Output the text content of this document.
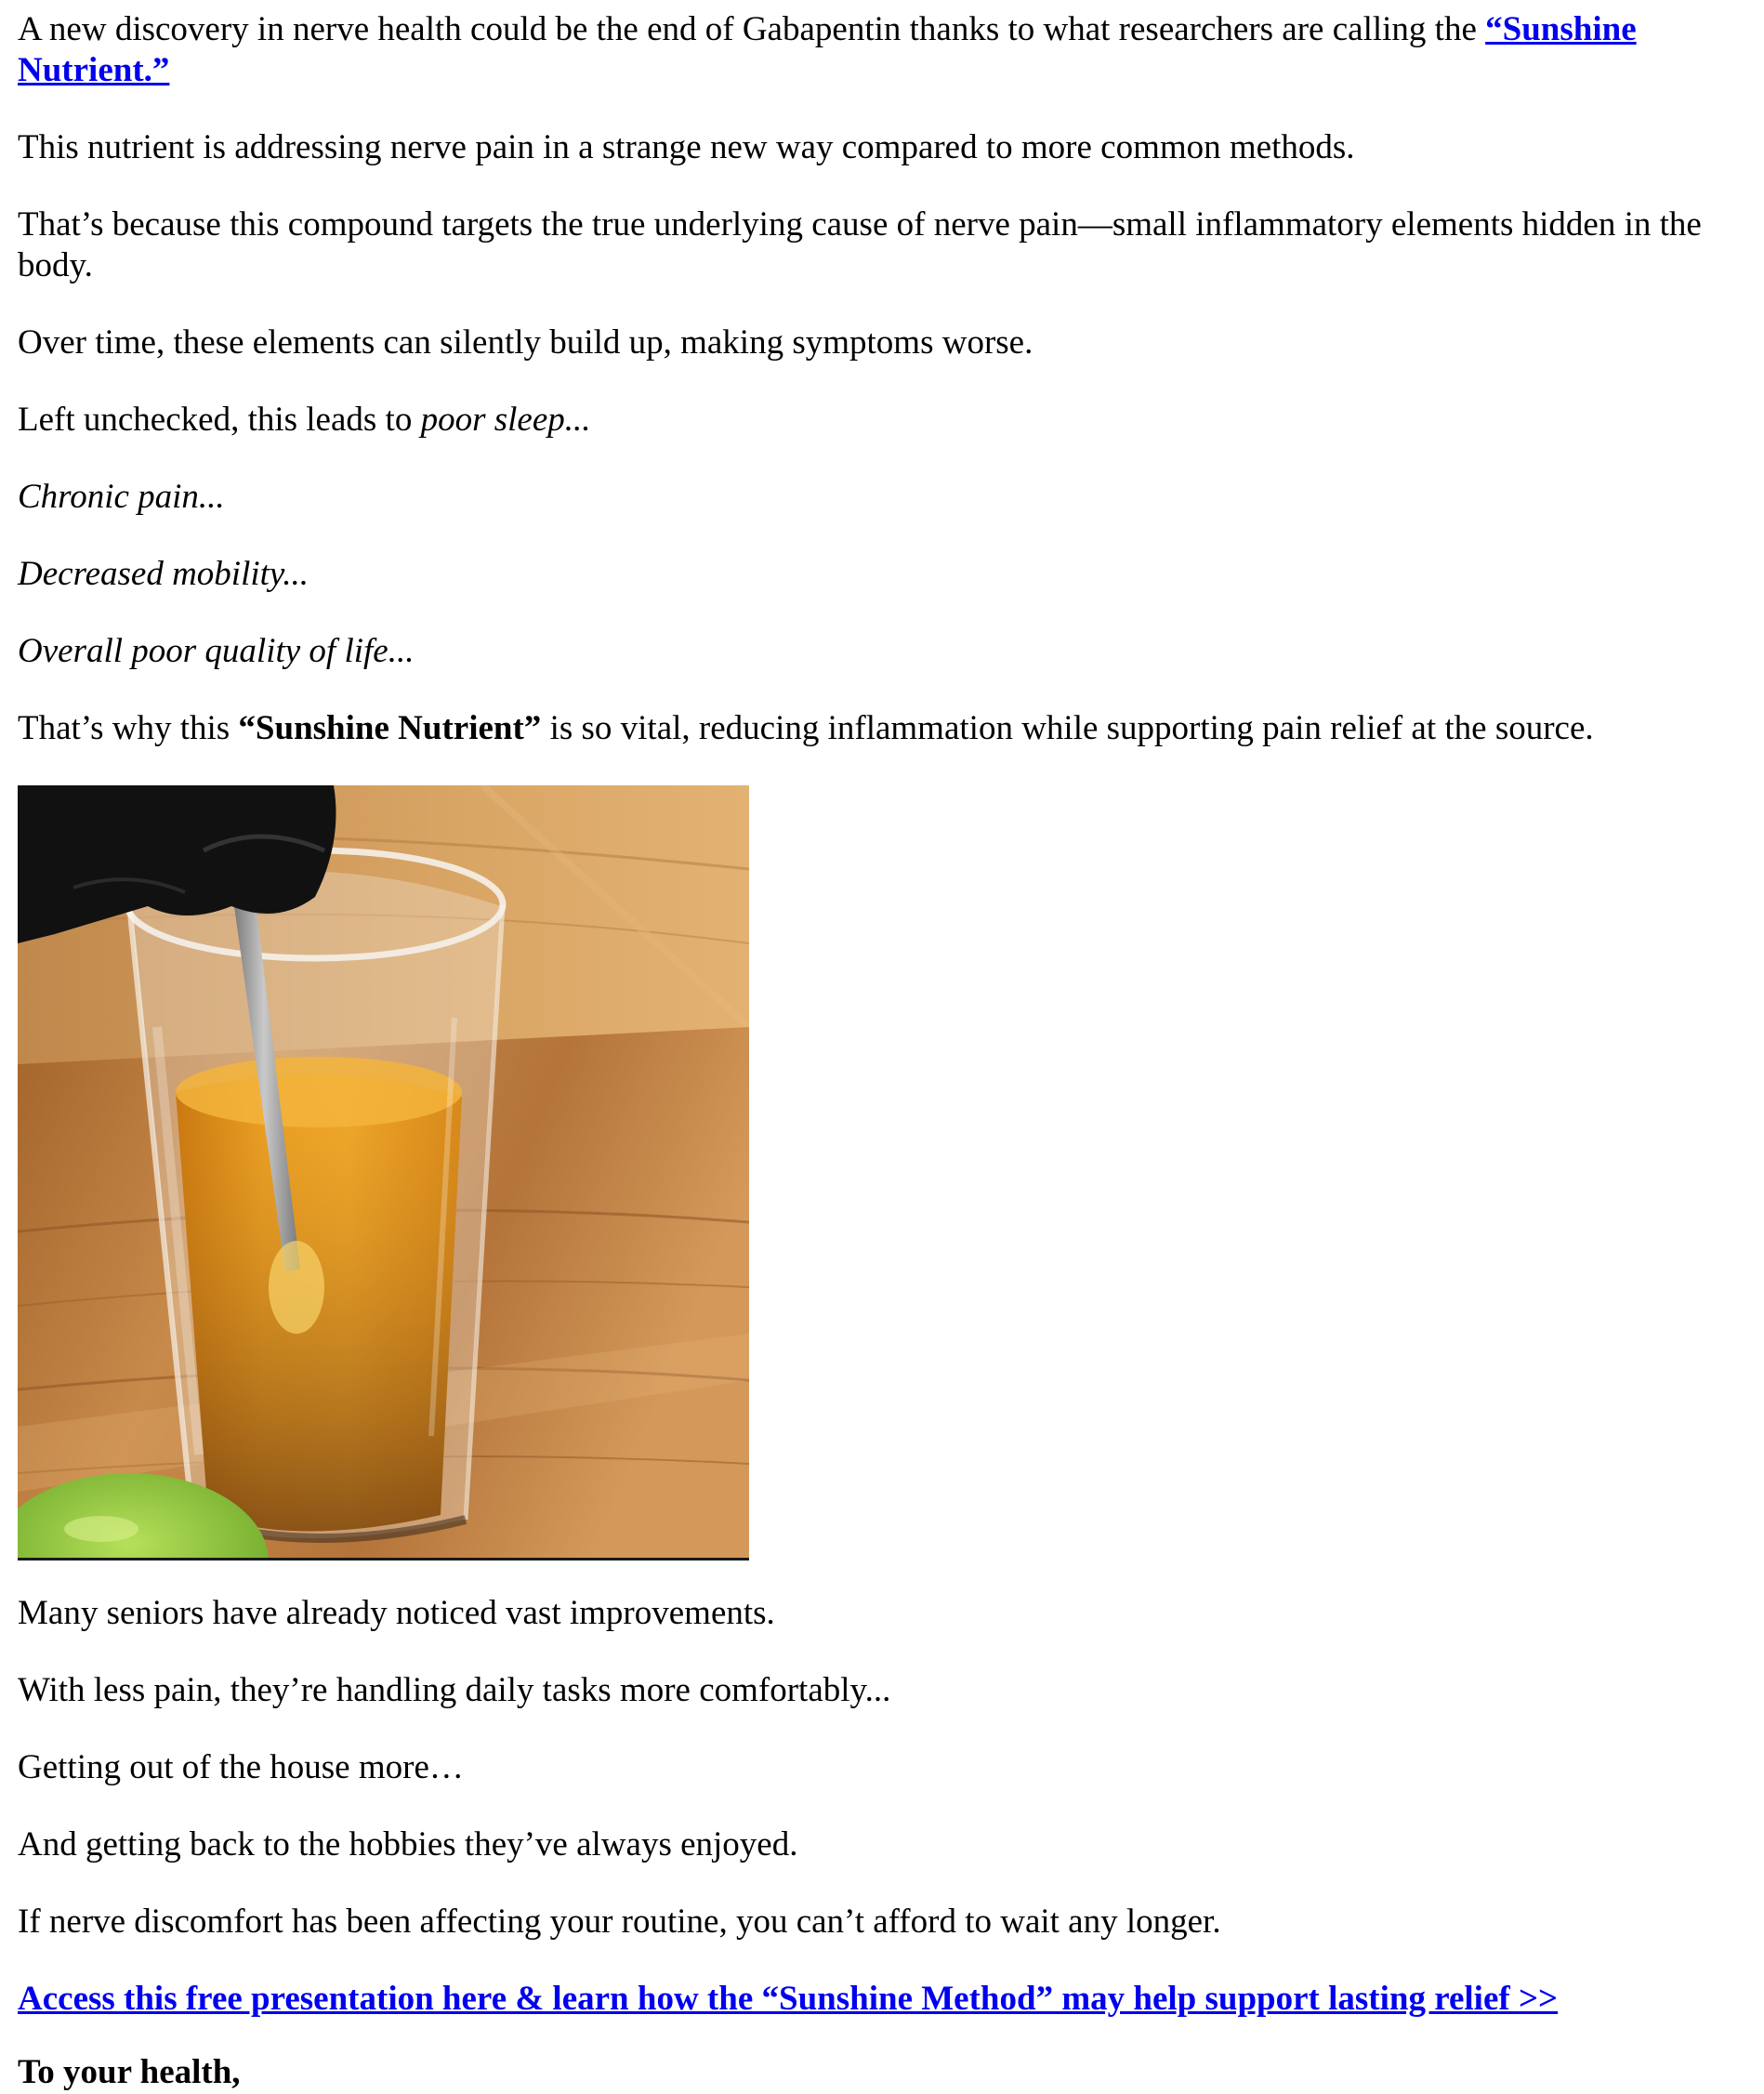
A new discovery in nerve health could be the end of Gabapentin thanks to what researchers are calling the “Sunshine Nutrient.”

This nutrient is addressing nerve pain in a strange new way compared to more common methods.

That’s because this compound targets the true underlying cause of nerve pain—small inflammatory elements hidden in the body.

Over time, these elements can silently build up, making symptoms worse.

Left unchecked, this leads to poor sleep...

Chronic pain...

Decreased mobility...

Overall poor quality of life...

That’s why this “Sunshine Nutrient” is so vital, reducing inflammation while supporting pain relief at the source.

Many seniors have already noticed vast improvements.

With less pain, they’re handling daily tasks more comfortably...

Getting out of the house more…

And getting back to the hobbies they’ve always enjoyed.

If nerve discomfort has been affecting your routine, you can’t afford to wait any longer.

Access this free presentation here & learn how the “Sunshine Method” may help support lasting relief >>

To your health,
